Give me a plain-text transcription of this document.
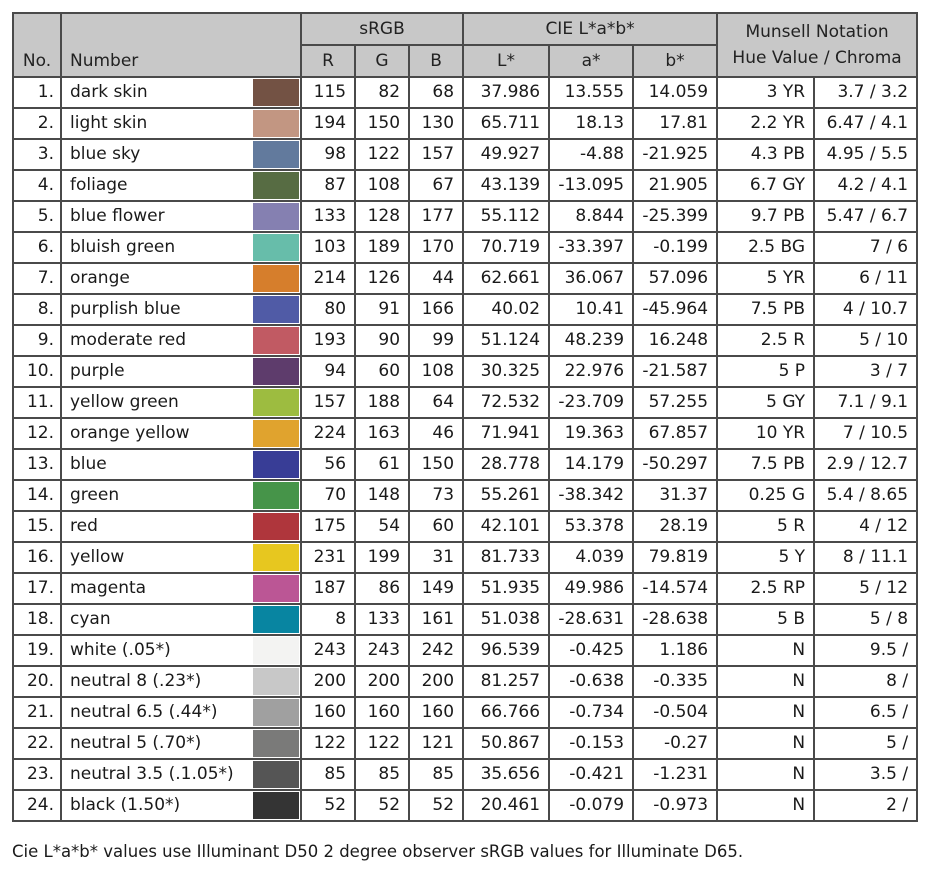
No.	Number		sRGB			CIE L*a*b*			Munsell Notation
Hue Value / Chroma	

			R	G	B	L*	a*	b*		
1.	dark skin		115	82	68	37.986	13.555	14.059	3 YR	3.7 / 3.2
2.	light skin		194	150	130	65.711	18.13	17.81	2.2 YR	6.47 / 4.1
3.	blue sky		98	122	157	49.927	-4.88	-21.925	4.3 PB	4.95 / 5.5
4.	foliage		87	108	67	43.139	-13.095	21.905	6.7 GY	4.2 / 4.1
5.	blue flower		133	128	177	55.112	8.844	-25.399	9.7 PB	5.47 / 6.7
6.	bluish green		103	189	170	70.719	-33.397	-0.199	2.5 BG	7 / 6
7.	orange		214	126	44	62.661	36.067	57.096	5 YR	6 / 11
8.	purplish blue		80	91	166	40.02	10.41	-45.964	7.5 PB	4 / 10.7
9.	moderate red		193	90	99	51.124	48.239	16.248	2.5 R	5 / 10
10.	purple		94	60	108	30.325	22.976	-21.587	5 P	3 / 7
11.	yellow green		157	188	64	72.532	-23.709	57.255	5 GY	7.1 / 9.1
12.	orange yellow		224	163	46	71.941	19.363	67.857	10 YR	7 / 10.5
13.	blue		56	61	150	28.778	14.179	-50.297	7.5 PB	2.9 / 12.7
14.	green		70	148	73	55.261	-38.342	31.37	0.25 G	5.4 / 8.65
15.	red		175	54	60	42.101	53.378	28.19	5 R	4 / 12
16.	yellow		231	199	31	81.733	4.039	79.819	5 Y	8 / 11.1
17.	magenta		187	86	149	51.935	49.986	-14.574	2.5 RP	5 / 12
18.	cyan		8	133	161	51.038	-28.631	-28.638	5 B	5 / 8
19.	white (.05*)		243	243	242	96.539	-0.425	1.186	N	9.5 /
20.	neutral 8 (.23*)		200	200	200	81.257	-0.638	-0.335	N	8 /
21.	neutral 6.5 (.44*)		160	160	160	66.766	-0.734	-0.504	N	6.5 /
22.	neutral 5 (.70*)		122	122	121	50.867	-0.153	-0.27	N	5 /
23.	neutral 3.5 (.1.05*)		85	85	85	35.656	-0.421	-1.231	N	3.5 /
24.	black (1.50*)		52	52	52	20.461	-0.079	-0.973	N	2 /
Cie L*a*b* values use Illuminant D50 2 degree observer sRGB values for Illuminate D65.
